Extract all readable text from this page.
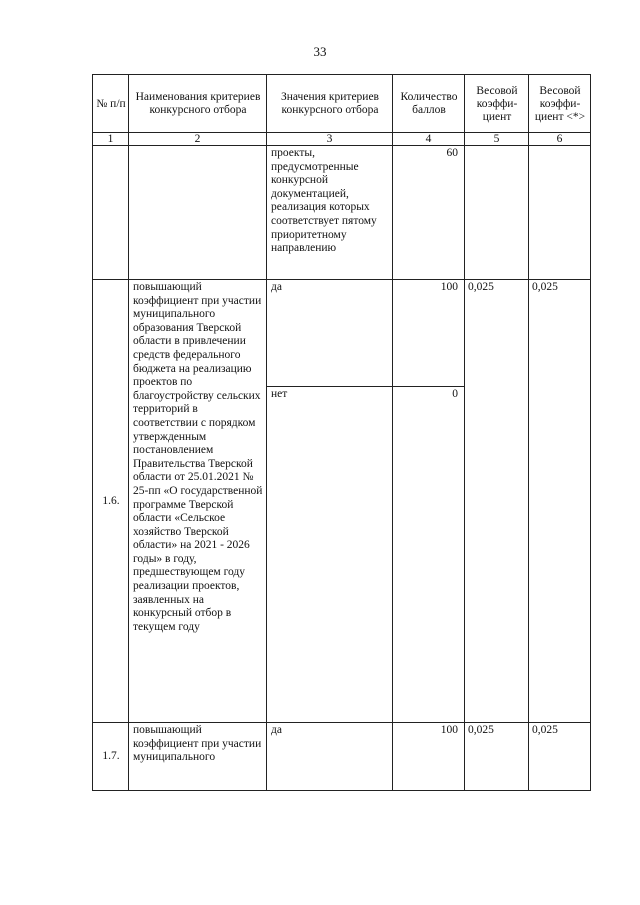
33
№ п/п	Наименования критериев конкурсного отбора	Значения критериев конкурсного отбора	Количество баллов	Весовой коэффи-циент	Весовой коэффи-циент <*>
1	2	3	4	5	6
		проекты, предусмотренные конкурсной документацией, реализация которых соответствует пятому приоритетному направлению	60		
1.6.	повышающий коэффициент при участии муниципального образования Тверской области в привлечении средств федерального бюджета на реализацию проектов по благоустройству сельских территорий в соответствии с порядком утвержденным постановлением Правительства Тверской области от 25.01.2021 № 25-пп «О государственной программе Тверской области «Сельское хозяйство Тверской области» на 2021 - 2026 годы» в году, предшествующем году реализации проектов, заявленных на конкурсный отбор в текущем году	да	100	0,025	0,025
		нет	0		
1.7.	повышающий коэффициент при участии муниципального	да	100	0,025	0,025
